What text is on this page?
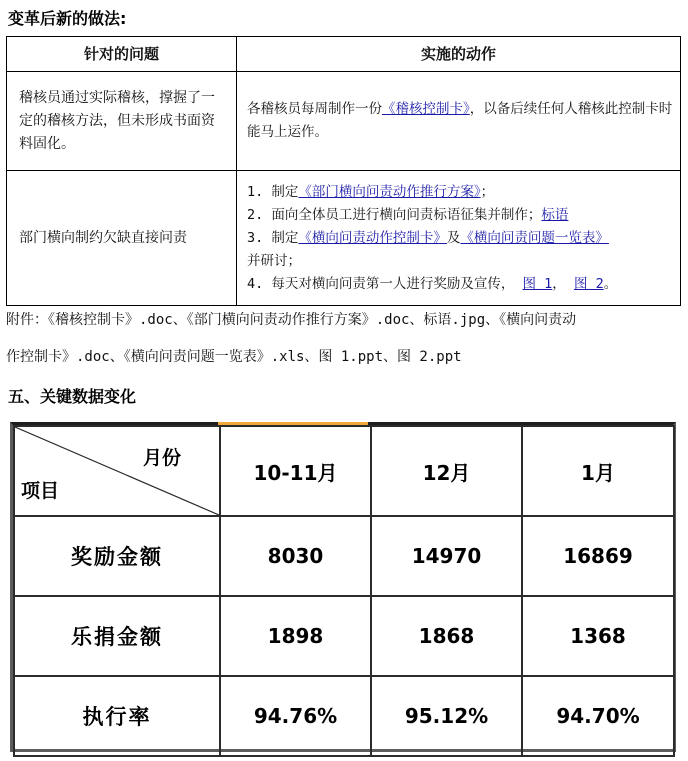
变革后新的做法:
针对的问题	实施的动作
稽核员通过实际稽核，撑握了一定的稽核方法，但未形成书面资料固化。	各稽核员每周制作一份《稽核控制卡》，以备后续任何人稽核此控制卡时能马上运作。
部门横向制约欠缺直接问责	1. 制定《部门横向问责动作推行方案》；
2. 面向全体员工进行横向问责标语征集并制作；标语
3. 制定《横向问责动作控制卡》及《横向问责问题一览表》
并研讨；
4. 每天对横向问责第一人进行奖励及宣传， 图 1， 图 2。
附件：《稽核控制卡》.doc、《部门横向问责动作推行方案》.doc、标语.jpg、《横向问责动
作控制卡》.doc、《横向问责问题一览表》.xls、图 1.ppt、图 2.ppt
五、关键数据变化
月份
项目	10-11月	12月	1月
奖励金额	8030	14970	16869
乐捐金额	1898	1868	1368
执行率	94.76%	95.12%	94.70%
